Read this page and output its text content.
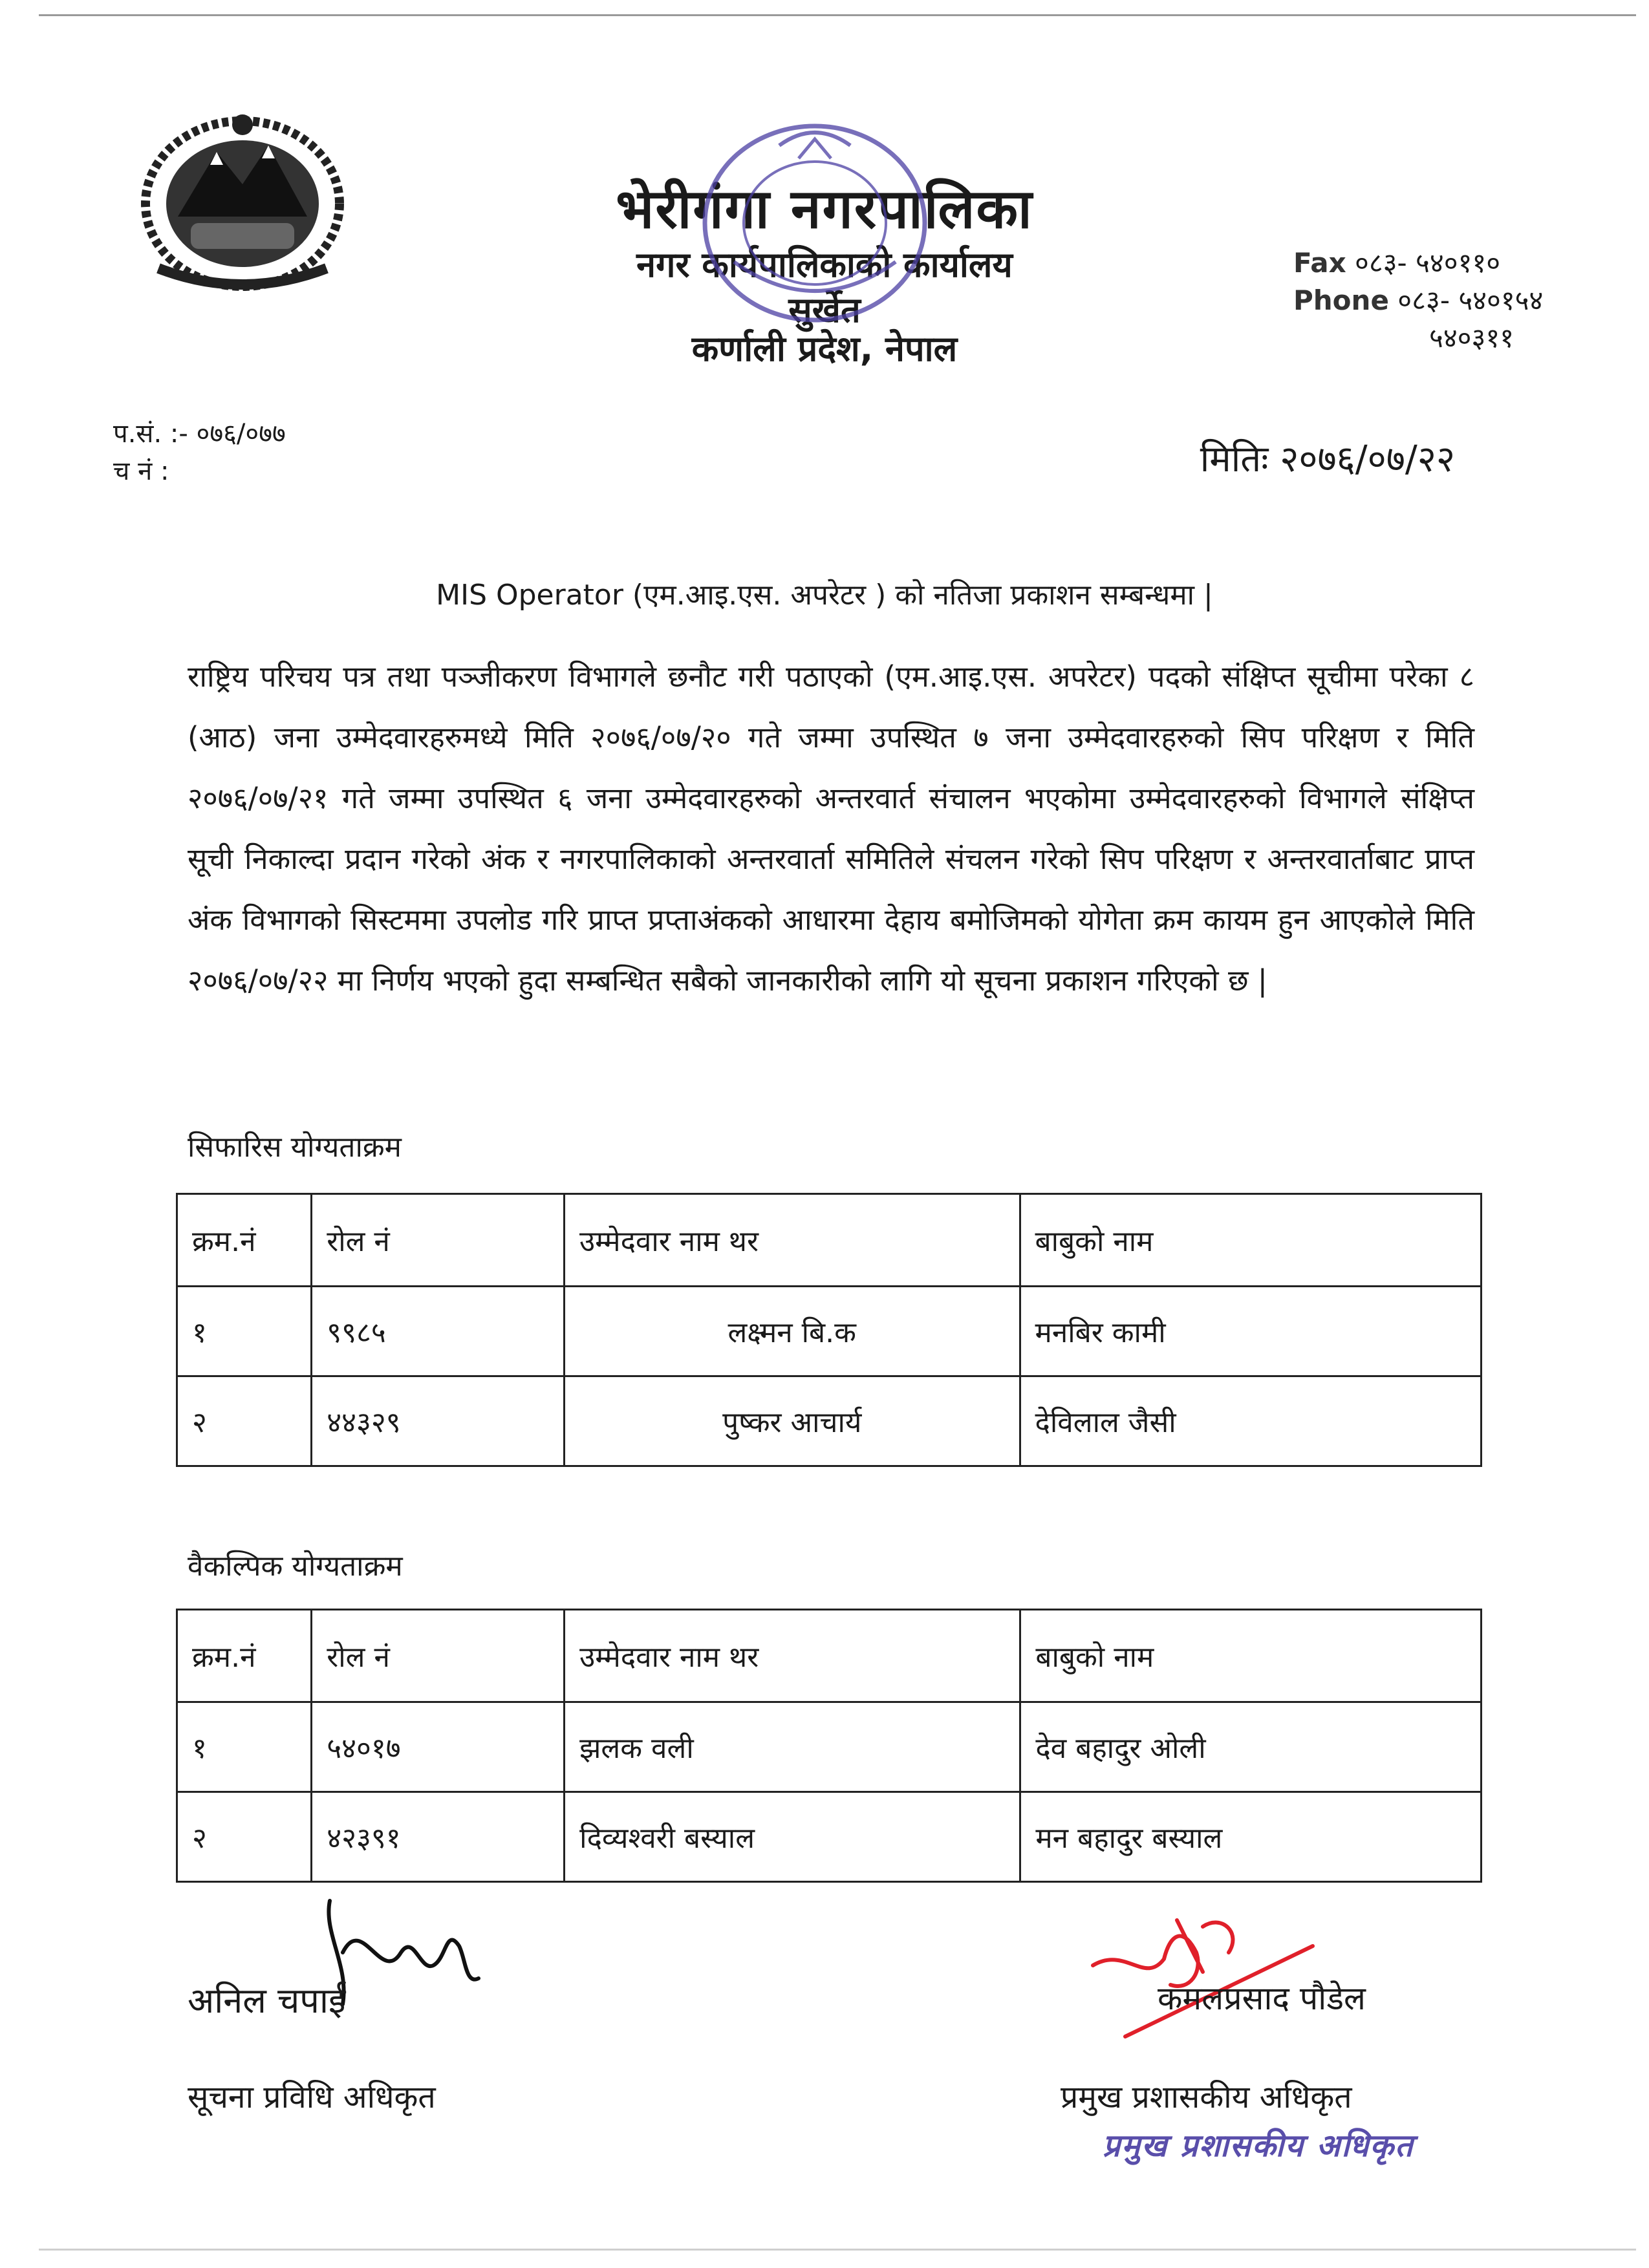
भेरीगंगा नगरपालिका
नगर कार्यपालिकाको कार्यालय
सुर्खेत
कर्णाली प्रदेश, नेपाल
Fax ०८३- ५४०११०
Phone ०८३- ५४०१५४
५४०३११
प.सं. :- ०७६/०७७
च नं :	मितिः २०७६/०७/२२
MIS Operator (एम.आइ.एस. अपरेटर ) को नतिजा प्रकाशन सम्बन्धमा |
राष्ट्रिय परिचय पत्र तथा पञ्जीकरण विभागले छनौट गरी पठाएको (एम.आइ.एस. अपरेटर) पदको संक्षिप्त सूचीमा परेका ८ (आठ) जना उम्मेदवारहरुमध्ये मिति २०७६/०७/२० गते जम्मा उपस्थित ७ जना उम्मेदवारहरुको सिप परिक्षण र मिति २०७६/०७/२१ गते जम्मा उपस्थित ६ जना उम्मेदवारहरुको अन्तरवार्त संचालन भएकोमा उम्मेदवारहरुको विभागले संक्षिप्त सूची निकाल्दा प्रदान गरेको अंक र नगरपालिकाको अन्तरवार्ता समितिले संचलन गरेको सिप परिक्षण र अन्तरवार्ताबाट प्राप्त अंक विभागको सिस्टममा उपलोड गरि प्राप्त प्रप्ताअंकको आधारमा देहाय बमोजिमको योगेता क्रम कायम हुन आएकोले मिति २०७६/०७/२२ मा निर्णय भएको हुदा सम्बन्धित सबैको जानकारीको लागि यो सूचना प्रकाशन गरिएको छ |
सिफारिस योग्यताक्रम
क्रम.नं	रोल नं	उम्मेदवार नाम थर	बाबुको नाम
१	९९८५	लक्ष्मन बि.क	मनबिर कामी
२	४४३२९	पुष्कर आचार्य	देविलाल जैसी
वैकल्पिक योग्यताक्रम
क्रम.नं	रोल नं	उम्मेदवार नाम थर	बाबुको नाम
१	५४०१७	झलक वली	देव बहादुर ओली
२	४२३९१	दिव्यश्वरी बस्याल	मन बहादुर बस्याल
अनिल चपाई
सूचना प्रविधि अधिकृत
कमलप्रसाद पौडेल
प्रमुख प्रशासकीय अधिकृत
प्रमुख प्रशासकीय अधिकृत
